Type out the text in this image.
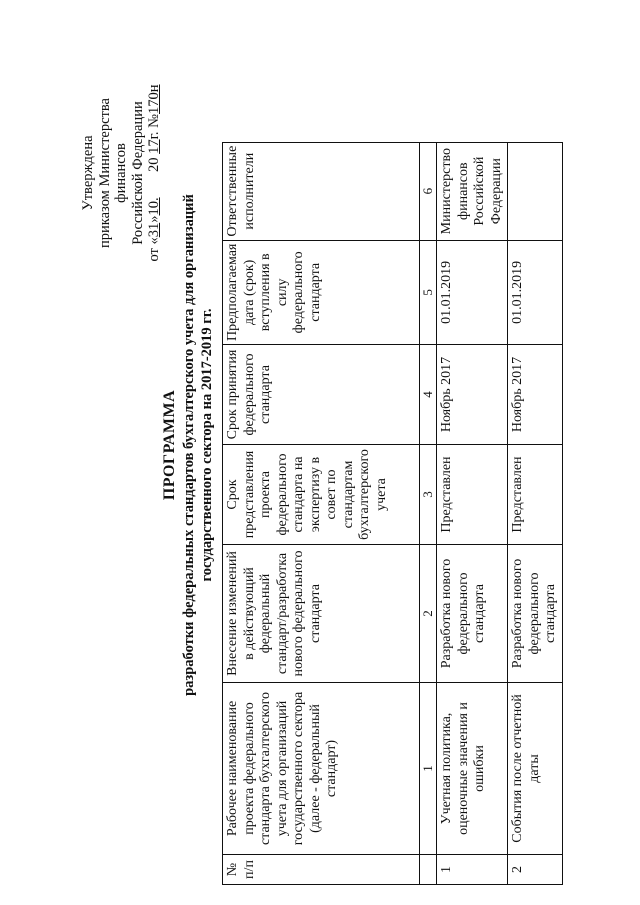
Утверждена приказом Министерства финансов Российской Федерации
от «31»10.       20 17г. №170н
ПРОГРАММА разработки федеральных стандартов бухгалтерского учета для организаций государственного сектора на 2017-2019 гг.
№ п/п	Рабочее наименование проекта федерального стандарта бухгалтерского учета для организаций государственного сектора (далее - федеральный стандарт)	Внесение изменений в действующий федеральный стандарт/разработка нового федерального стандарта	Срок представления проекта федерального стандарта на экспертизу в совет по стандартам бухгалтерского учета	Срок принятия федерального стандарта	Предполагаемая дата (срок) вступления в силу федерального стандарта	Ответственные исполнители
	1	2	3	4	5	6
1	Учетная политика, оценочные значения и ошибки	Разработка нового федерального стандарта	Представлен	Ноябрь 2017	01.01.2019	Министерство финансов Российской Федерации
2	События после отчетной даты	Разработка нового федерального стандарта	Представлен	Ноябрь 2017	01.01.2019	
